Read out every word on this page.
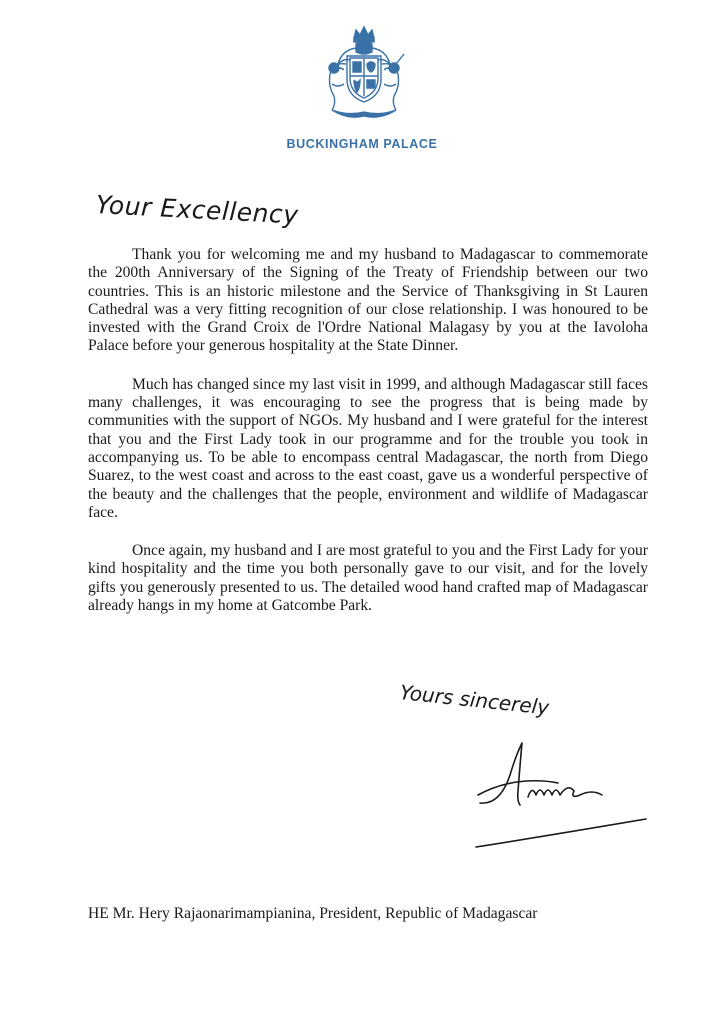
BUCKINGHAM PALACE
Your Excellency

Thank you for welcoming me and my husband to Madagascar to commemorate the 200th Anniversary of the Signing of the Treaty of Friendship between our two countries. This is an historic milestone and the Service of Thanksgiving in St Lauren Cathedral was a very fitting recognition of our close relationship. I was honoured to be invested with the Grand Croix de l'Ordre National Malagasy by you at the Iavoloha Palace before your generous hospitality at the State Dinner.

Much has changed since my last visit in 1999, and although Madagascar still faces many challenges, it was encouraging to see the progress that is being made by communities with the support of NGOs. My husband and I were grateful for the interest that you and the First Lady took in our programme and for the trouble you took in accompanying us. To be able to encompass central Madagascar, the north from Diego Suarez, to the west coast and across to the east coast, gave us a wonderful perspective of the beauty and the challenges that the people, environment and wildlife of Madagascar face.

Once again, my husband and I are most grateful to you and the First Lady for your kind hospitality and the time you both personally gave to our visit, and for the lovely gifts you generously presented to us. The detailed wood hand crafted map of Madagascar already hangs in my home at Gatcombe Park.

Yours sincerely
HE Mr. Hery Rajaonarimampianina, President, Republic of Madagascar
